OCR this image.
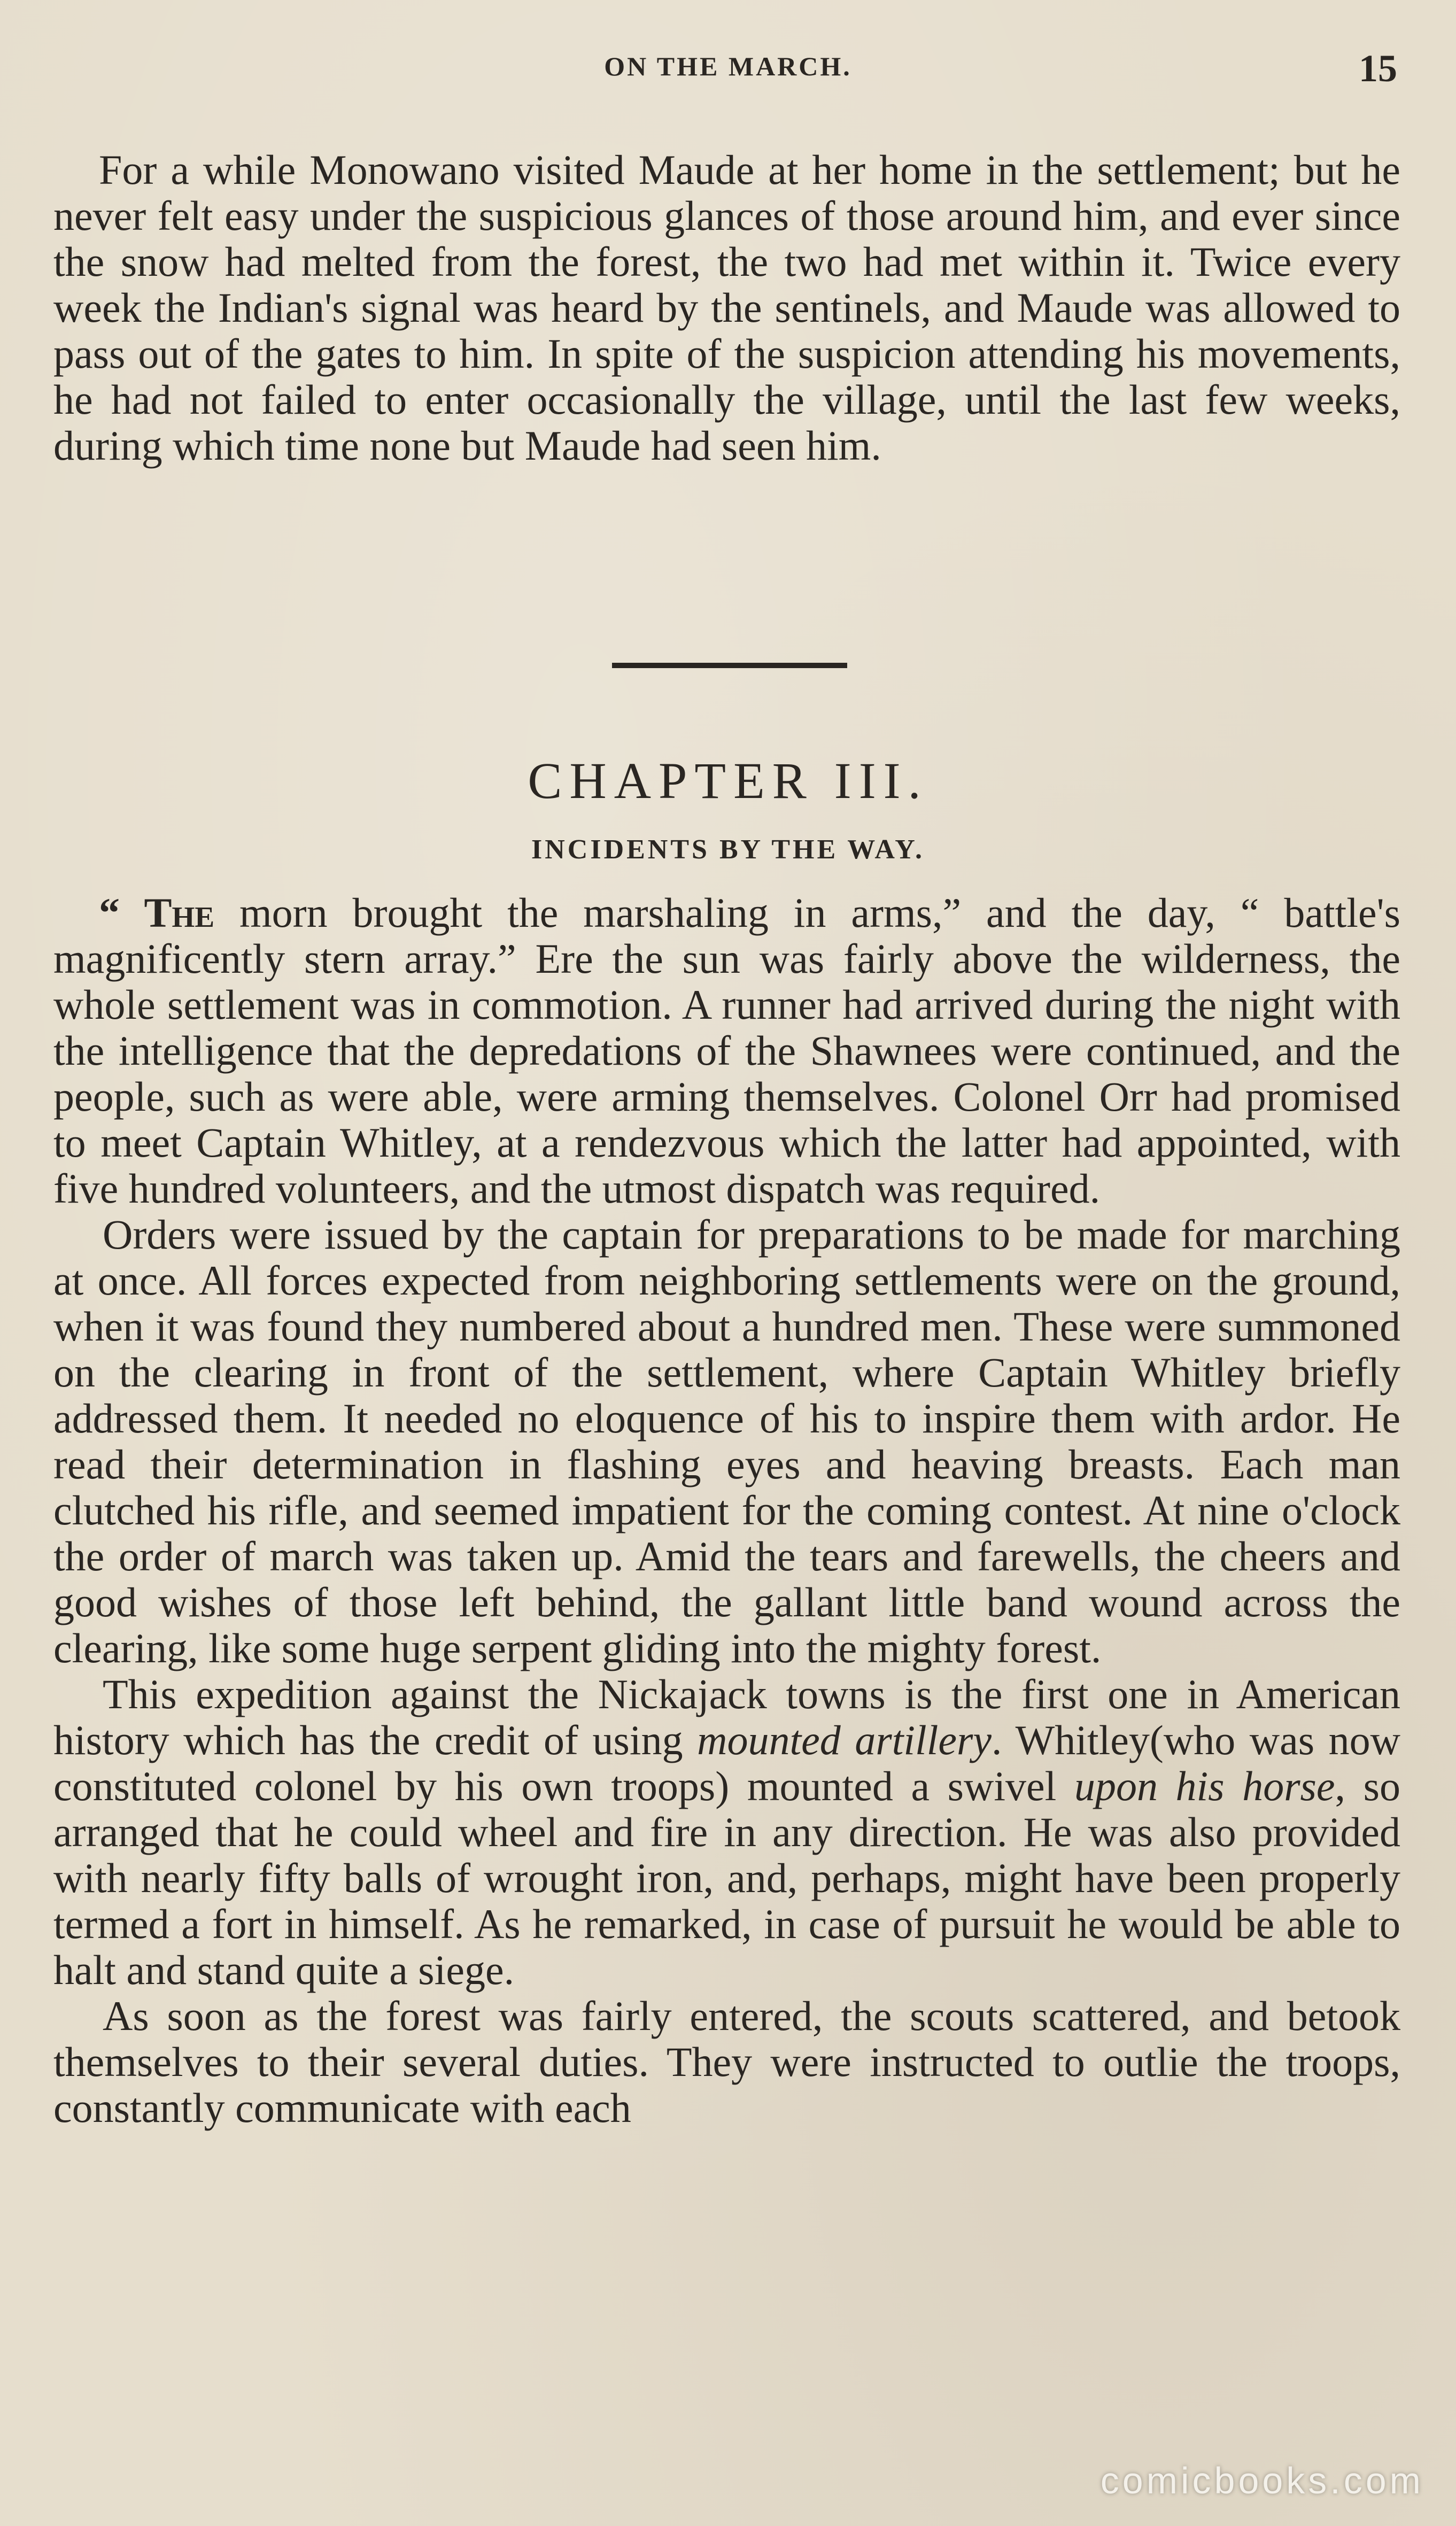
ON THE MARCH.	15

For a while Monowano visited Maude at her home in the settlement; but he never felt easy under the suspicious glances of those around him, and ever since the snow had melted from the forest, the two had met within it. Twice every week the Indian's signal was heard by the sentinels, and Maude was allowed to pass out of the gates to him. In spite of the suspicion attending his movements, he had not failed to enter occasionally the village, until the last few weeks, during which time none but Maude had seen him.

CHAPTER III.
INCIDENTS BY THE WAY.

“ The morn brought the marshaling in arms,” and the day, “ battle's magnificently stern array.” Ere the sun was fairly above the wilderness, the whole settlement was in commotion. A runner had arrived during the night with the intelligence that the depredations of the Shawnees were continued, and the people, such as were able, were arming themselves. Colonel Orr had promised to meet Captain Whitley, at a rendezvous which the latter had appointed, with five hundred volunteers, and the utmost dispatch was required.

Orders were issued by the captain for preparations to be made for marching at once. All forces expected from neighboring settlements were on the ground, when it was found they numbered about a hundred men. These were summoned on the clearing in front of the settlement, where Captain Whitley briefly addressed them. It needed no eloquence of his to inspire them with ardor. He read their determination in flashing eyes and heaving breasts. Each man clutched his rifle, and seemed impatient for the coming contest. At nine o'clock the order of march was taken up. Amid the tears and farewells, the cheers and good wishes of those left behind, the gallant little band wound across the clearing, like some huge serpent gliding into the mighty forest.

This expedition against the Nickajack towns is the first one in American history which has the credit of using mounted artillery. Whitley(who was now constituted colonel by his own troops) mounted a swivel upon his horse, so arranged that he could wheel and fire in any direction. He was also provided with nearly fifty balls of wrought iron, and, perhaps, might have been properly termed a fort in himself. As he remarked, in case of pursuit he would be able to halt and stand quite a siege.

As soon as the forest was fairly entered, the scouts scattered, and betook themselves to their several duties. They were instructed to outlie the troops, constantly communicate with each

comicbooks.com
